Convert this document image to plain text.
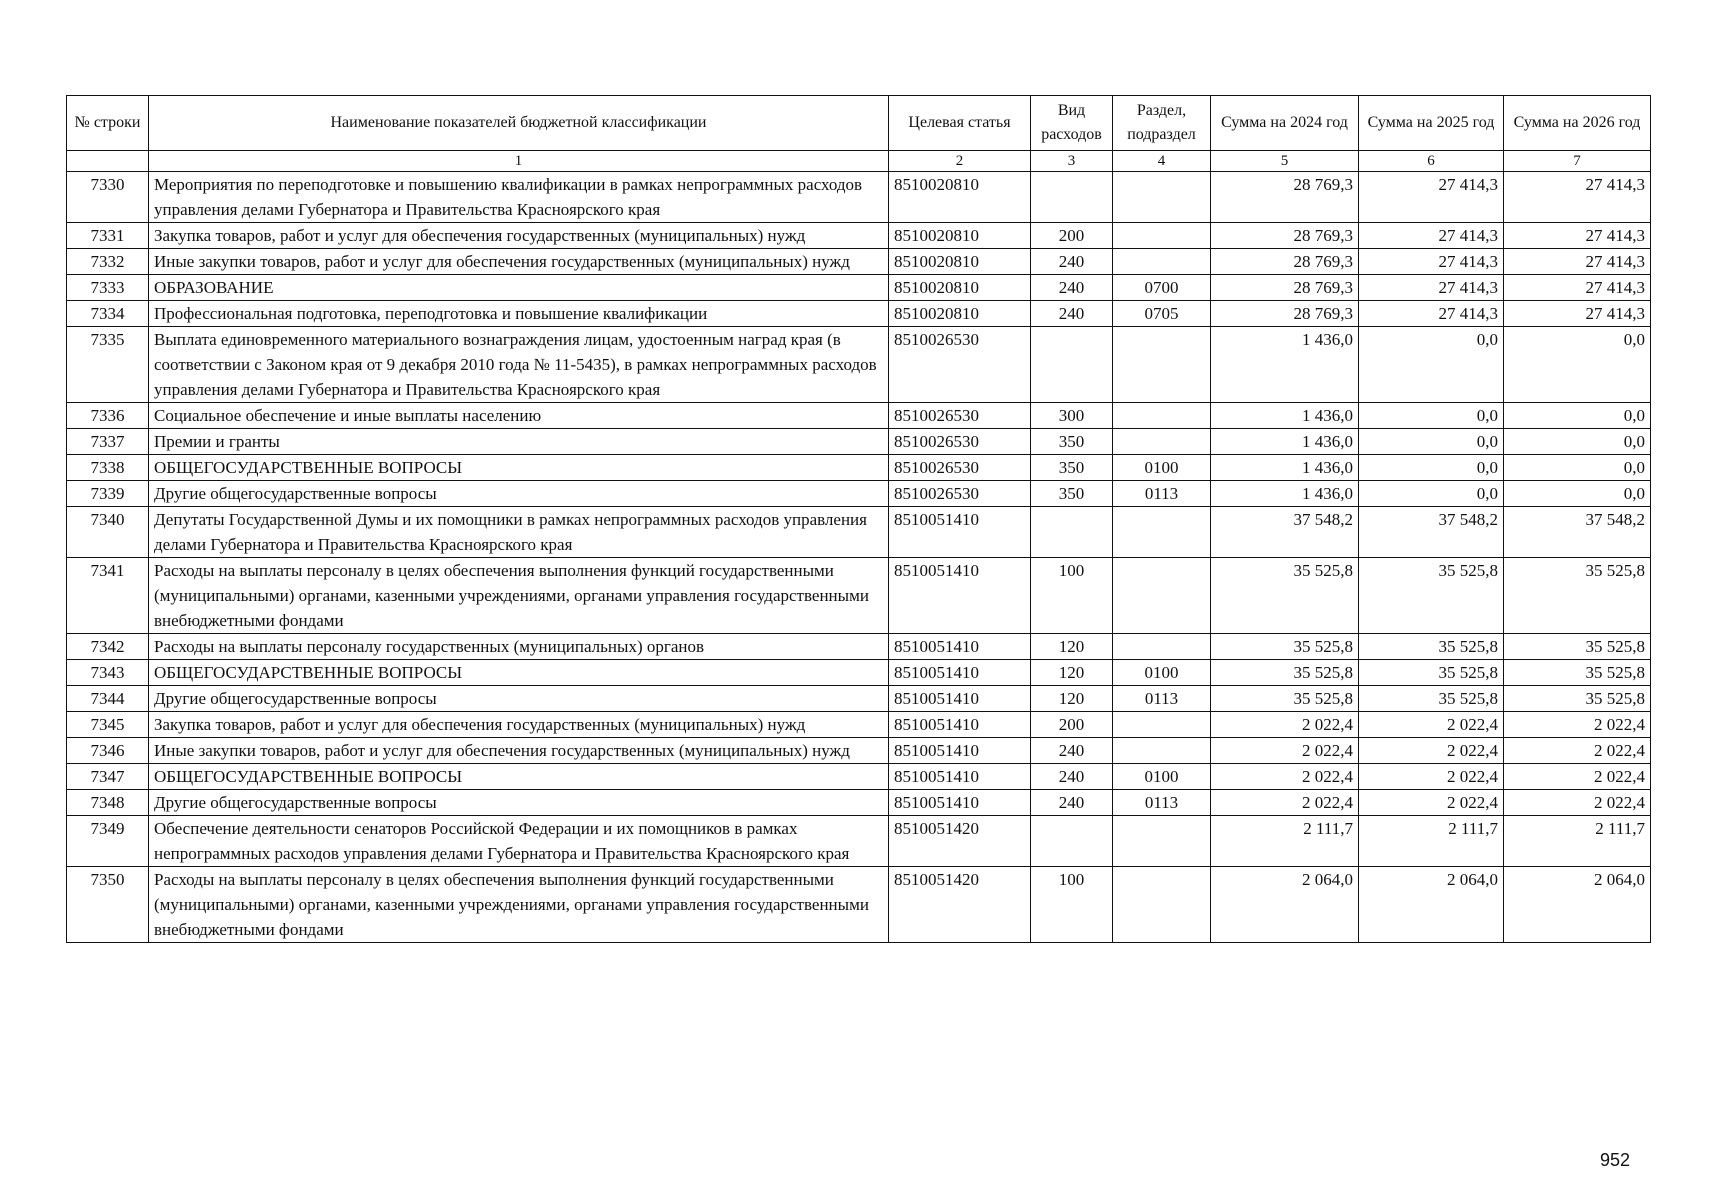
№ строки	Наименование показателей бюджетной классификации	Целевая статья	Вид расходов	Раздел, подраздел	Сумма на 2024 год	Сумма на 2025 год	Сумма на 2026 год
	1	2	3	4	5	6	7
7330	Мероприятия по переподготовке и повышению квалификации в рамках непрограммных расходов управления делами Губернатора и Правительства Красноярского края	8510020810			28 769,3	27 414,3	27 414,3
7331	Закупка товаров, работ и услуг для обеспечения государственных (муниципальных) нужд	8510020810	200		28 769,3	27 414,3	27 414,3
7332	Иные закупки товаров, работ и услуг для обеспечения государственных (муниципальных) нужд	8510020810	240		28 769,3	27 414,3	27 414,3
7333	ОБРАЗОВАНИЕ	8510020810	240	0700	28 769,3	27 414,3	27 414,3
7334	Профессиональная подготовка, переподготовка и повышение квалификации	8510020810	240	0705	28 769,3	27 414,3	27 414,3
7335	Выплата единовременного материального вознаграждения лицам, удостоенным наград края (в соответствии с Законом края от 9 декабря 2010 года № 11-5435), в рамках непрограммных расходов управления делами Губернатора и Правительства Красноярского края	8510026530			1 436,0	0,0	0,0
7336	Социальное обеспечение и иные выплаты населению	8510026530	300		1 436,0	0,0	0,0
7337	Премии и гранты	8510026530	350		1 436,0	0,0	0,0
7338	ОБЩЕГОСУДАРСТВЕННЫЕ ВОПРОСЫ	8510026530	350	0100	1 436,0	0,0	0,0
7339	Другие общегосударственные вопросы	8510026530	350	0113	1 436,0	0,0	0,0
7340	Депутаты Государственной Думы и их помощники в рамках непрограммных расходов управления делами Губернатора и Правительства Красноярского края	8510051410			37 548,2	37 548,2	37 548,2
7341	Расходы на выплаты персоналу в целях обеспечения выполнения функций государственными (муниципальными) органами, казенными учреждениями, органами управления государственными внебюджетными фондами	8510051410	100		35 525,8	35 525,8	35 525,8
7342	Расходы на выплаты персоналу государственных (муниципальных) органов	8510051410	120		35 525,8	35 525,8	35 525,8
7343	ОБЩЕГОСУДАРСТВЕННЫЕ ВОПРОСЫ	8510051410	120	0100	35 525,8	35 525,8	35 525,8
7344	Другие общегосударственные вопросы	8510051410	120	0113	35 525,8	35 525,8	35 525,8
7345	Закупка товаров, работ и услуг для обеспечения государственных (муниципальных) нужд	8510051410	200		2 022,4	2 022,4	2 022,4
7346	Иные закупки товаров, работ и услуг для обеспечения государственных (муниципальных) нужд	8510051410	240		2 022,4	2 022,4	2 022,4
7347	ОБЩЕГОСУДАРСТВЕННЫЕ ВОПРОСЫ	8510051410	240	0100	2 022,4	2 022,4	2 022,4
7348	Другие общегосударственные вопросы	8510051410	240	0113	2 022,4	2 022,4	2 022,4
7349	Обеспечение деятельности сенаторов Российской Федерации и их помощников в рамках непрограммных расходов управления делами Губернатора и Правительства Красноярского края	8510051420			2 111,7	2 111,7	2 111,7
7350	Расходы на выплаты персоналу в целях обеспечения выполнения функций государственными (муниципальными) органами, казенными учреждениями, органами управления государственными внебюджетными фондами	8510051420	100		2 064,0	2 064,0	2 064,0
952
